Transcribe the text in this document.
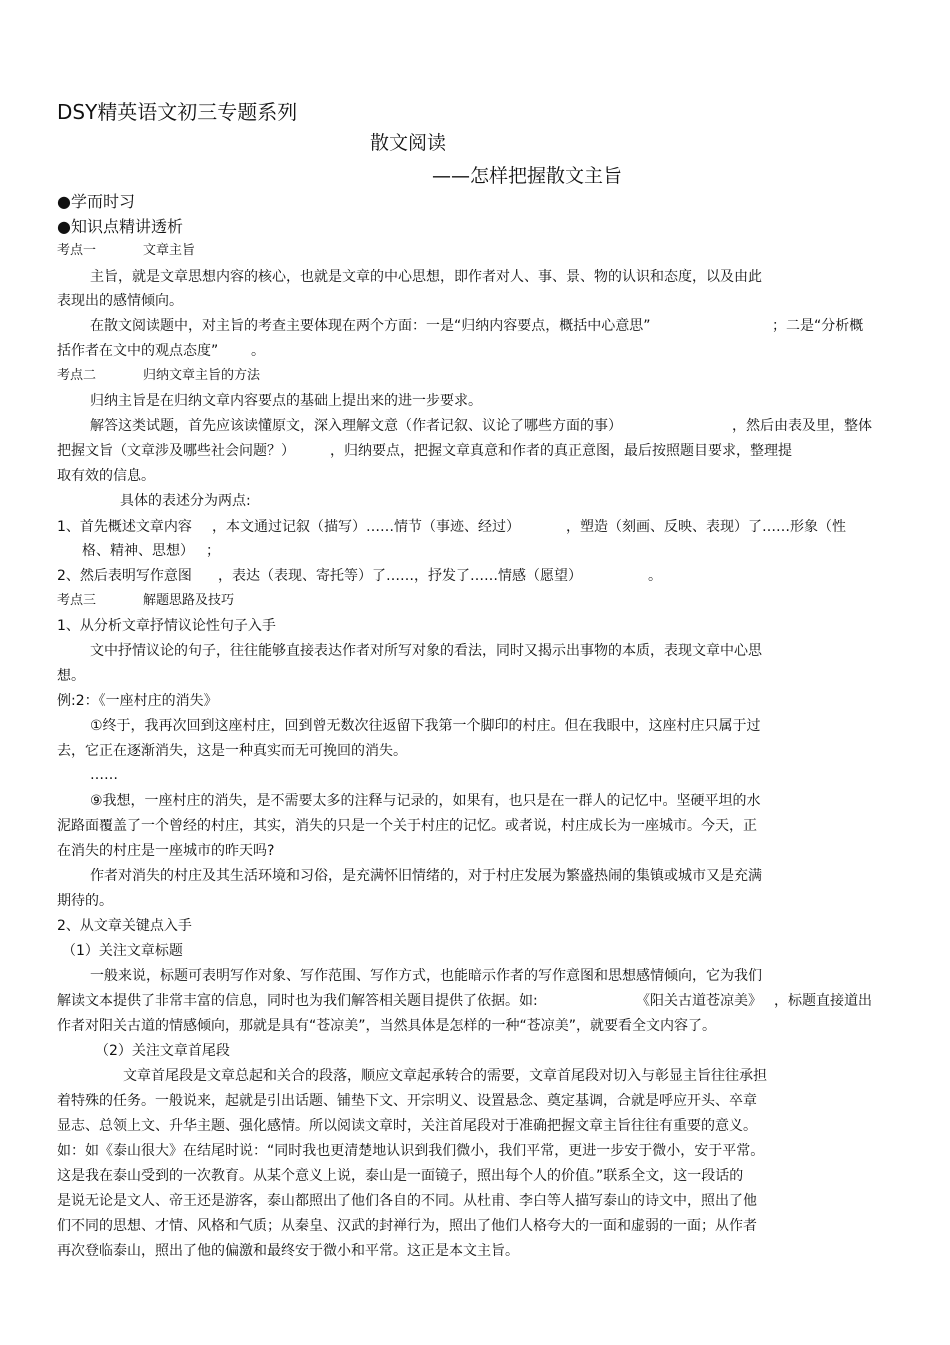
DSY精英语文初三专题系列
散文阅读
——怎样把握散文主旨
●学而时习
●知识点精讲透析
考点一	文章主旨
主旨，就是文章思想内容的核心，也就是文章的中心思想，即作者对人、事、景、物的认识和态度，以及由此
表现出的感情倾向。
在散文阅读题中，对主旨的考查主要体现在两个方面：一是“归纳内容要点，概括中心意思”	；二是“分析概
括作者在文中的观点态度” 。
考点二	归纳文章主旨的方法
归纳主旨是在归纳文章内容要点的基础上提出来的进一步要求。
解答这类试题，首先应该读懂原文，深入理解文意（作者记叙、议论了哪些方面的事）	，然后由表及里，整体
把握文旨（文章涉及哪些社会问题？）	，归纳要点，把握文章真意和作者的真正意图，最后按照题目要求，整理提
取有效的信息。
具体的表述分为两点:
1、首先概述文章内容 ，本文通过记叙（描写）……情节（事迹、经过）	，塑造（刻画、反映、表现）了……形象（性
格、精神、思想） ；
2、然后表明写作意图 ，表达（表现、寄托等）了……，抒发了……情感（愿望）	。
考点三	解题思路及技巧
1、从分析文章抒情议论性句子入手
文中抒情议论的句子，往往能够直接表达作者对所写对象的看法，同时又揭示出事物的本质，表现文章中心思
想。
例:2：《一座村庄的消失》
①终于，我再次回到这座村庄，回到曾无数次往返留下我第一个脚印的村庄。但在我眼中，这座村庄只属于过
去，它正在逐渐消失，这是一种真实而无可挽回的消失。
……
⑨我想，一座村庄的消失，是不需要太多的注释与记录的，如果有，也只是在一群人的记忆中。坚硬平坦的水
泥路面覆盖了一个曾经的村庄，其实，消失的只是一个关于村庄的记忆。或者说，村庄成长为一座城市。今天，正
在消失的村庄是一座城市的昨天吗?
作者对消失的村庄及其生活环境和习俗，是充满怀旧情绪的，对于村庄发展为繁盛热闹的集镇或城市又是充满
期待的。
2、从文章关键点入手
（1）关注文章标题
一般来说，标题可表明写作对象、写作范围、写作方式，也能暗示作者的写作意图和思想感情倾向，它为我们
解读文本提供了非常丰富的信息，同时也为我们解答相关题目提供了依据。如:	《阳关古道苍凉美》 ，标题直接道出
作者对阳关古道的情感倾向，那就是具有“苍凉美”，当然具体是怎样的一种“苍凉美”，就要看全文内容了。
（2）关注文章首尾段
文章首尾段是文章总起和关合的段落，顺应文章起承转合的需要，文章首尾段对切入与彰显主旨往往承担
着特殊的任务。一般说来，起就是引出话题、铺垫下文、开宗明义、设置悬念、奠定基调，合就是呼应开头、卒章
显志、总领上文、升华主题、强化感情。所以阅读文章时，关注首尾段对于准确把握文章主旨往往有重要的意义。
如：如《泰山很大》在结尾时说：“同时我也更清楚地认识到我们微小，我们平常，更进一步安于微小，安于平常。
这是我在泰山受到的一次教育。从某个意义上说，泰山是一面镜子，照出每个人的价值。”联系全文，这一段话的
是说无论是文人、帝王还是游客，泰山都照出了他们各自的不同。从杜甫、李白等人描写泰山的诗文中，照出了他
们不同的思想、才情、风格和气质；从秦皇、汉武的封禅行为，照出了他们人格夸大的一面和虚弱的一面；从作者
再次登临泰山，照出了他的偏激和最终安于微小和平常。这正是本文主旨。
